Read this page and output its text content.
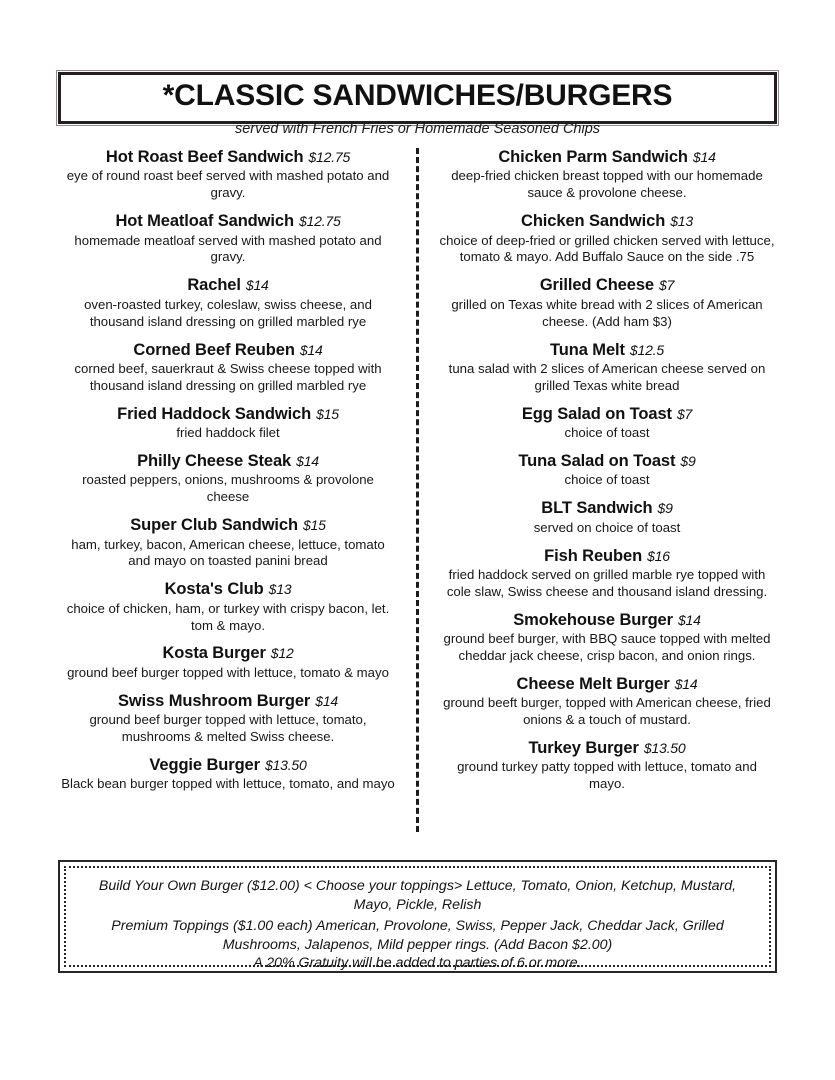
*CLASSIC SANDWICHES/BURGERS
served with French Fries or Homemade Seasoned Chips
Hot Roast Beef Sandwich $12.75
eye of round roast beef served with mashed potato and gravy.
Hot Meatloaf Sandwich $12.75
homemade meatloaf served with mashed potato and gravy.
Rachel $14
oven-roasted turkey, coleslaw, swiss cheese, and thousand island dressing on grilled marbled rye
Corned Beef Reuben $14
corned beef, sauerkraut & Swiss cheese topped with thousand island dressing on grilled marbled rye
Fried Haddock Sandwich $15
fried haddock filet
Philly Cheese Steak $14
roasted peppers, onions, mushrooms & provolone cheese
Super Club Sandwich $15
ham, turkey, bacon, American cheese, lettuce, tomato and mayo on toasted panini bread
Kosta's Club $13
choice of chicken, ham, or turkey with crispy bacon, let. tom & mayo.
Kosta Burger $12
ground beef burger topped with lettuce, tomato & mayo
Swiss Mushroom Burger $14
ground beef burger topped with lettuce, tomato, mushrooms & melted Swiss cheese.
Veggie Burger $13.50
Black bean burger topped with lettuce, tomato, and mayo
Chicken Parm Sandwich $14
deep-fried chicken breast topped with our homemade sauce & provolone cheese.
Chicken Sandwich $13
choice of deep-fried or grilled chicken served with lettuce, tomato & mayo. Add Buffalo Sauce on the side .75
Grilled Cheese $7
grilled on Texas white bread with 2 slices of American cheese. (Add ham $3)
Tuna Melt $12.5
tuna salad with 2 slices of American cheese served on grilled Texas white bread
Egg Salad on Toast $7
choice of toast
Tuna Salad on Toast $9
choice of toast
BLT Sandwich $9
served on choice of toast
Fish Reuben $16
fried haddock served on grilled marble rye topped with cole slaw, Swiss cheese and thousand island dressing.
Smokehouse Burger $14
ground beef burger, with BBQ sauce topped with melted cheddar jack cheese, crisp bacon, and onion rings.
Cheese Melt Burger $14
ground beeft burger, topped with American cheese, fried onions & a touch of mustard.
Turkey Burger $13.50
ground turkey patty topped with lettuce, tomato and mayo.
Build Your Own Burger ($12.00) < Choose your toppings> Lettuce, Tomato, Onion, Ketchup, Mustard, Mayo, Pickle, Relish
Premium Toppings ($1.00 each) American, Provolone, Swiss, Pepper Jack, Cheddar Jack, Grilled Mushrooms, Jalapenos, Mild pepper rings. (Add Bacon $2.00)
A 20% Gratuity will be added to parties of 6 or more.
